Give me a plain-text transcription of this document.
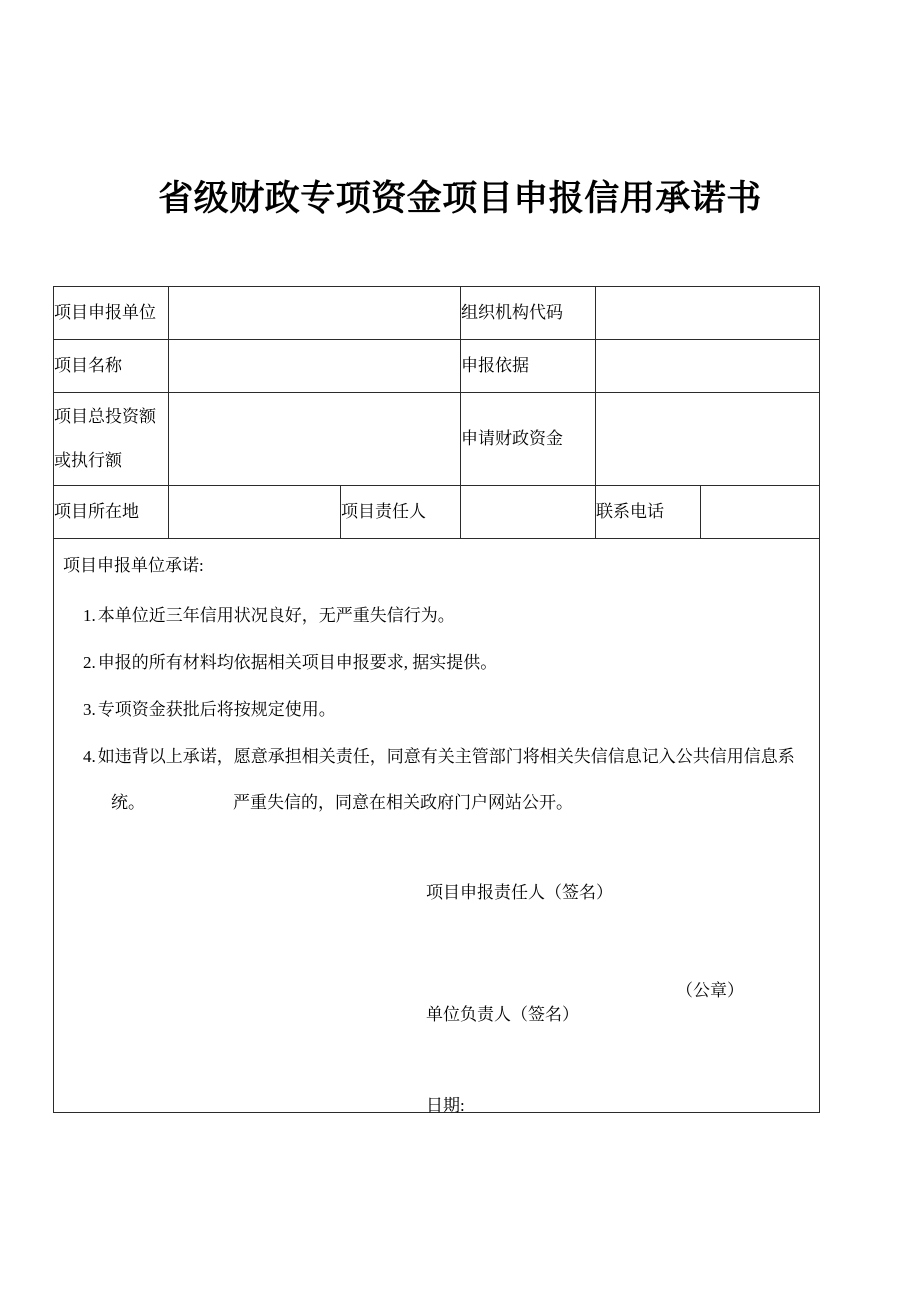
省级财政专项资金项目申报信用承诺书
项目申报单位			组织机构代码		
项目名称			申报依据		

项目总投资额
或执行额			申请财政资金		
项目所在地		项目责任人		联系电话	

项目申报单位承诺:
1. 本单位近三年信用状况良好，无严重失信行为。
2. 申报的所有材料均依据相关项目申报要求, 据实提供。
3. 专项资金获批后将按规定使用。
4. 如违背以上承诺，愿意承担相关责任，同意有关主管部门将相关失信信息记入公共信用信息系
统。	严重失信的，同意在相关政府门户网站公开。
项目申报责任人（签名）
（公章）
单位负责人（签名）
日期:
